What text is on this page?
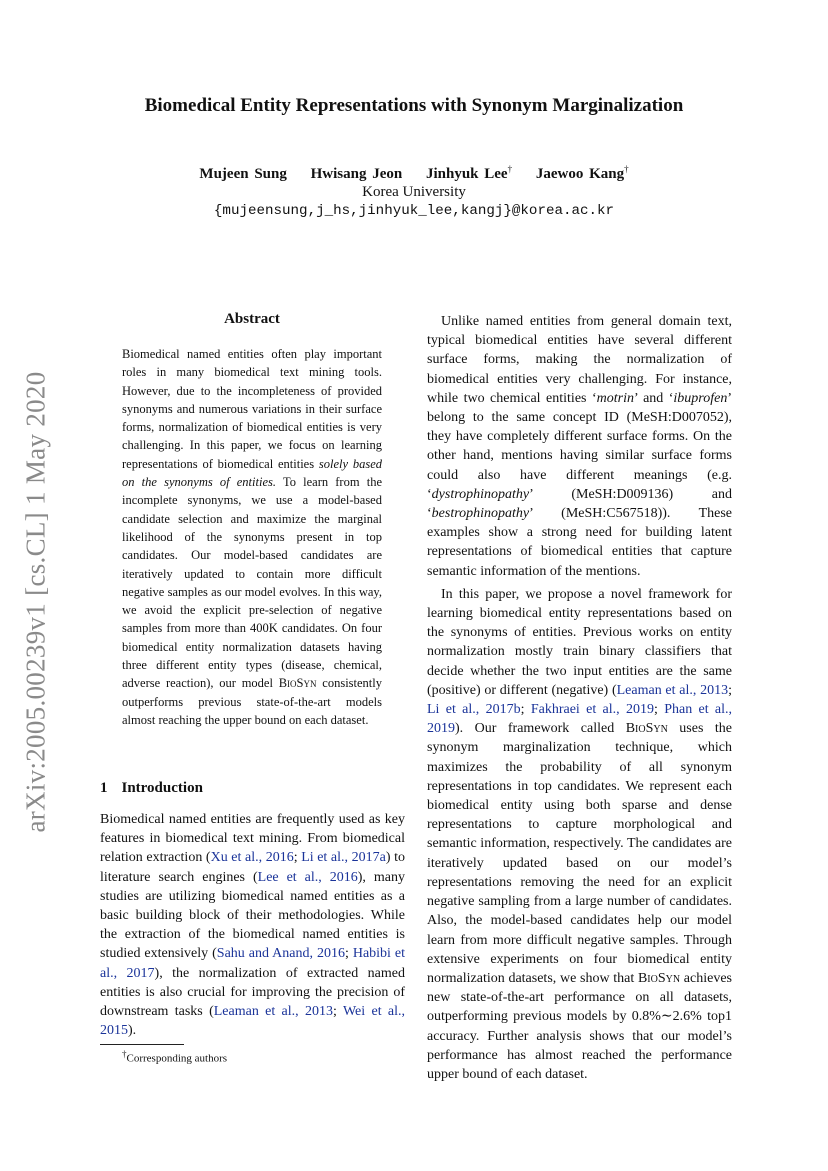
arXiv:2005.00239v1 [cs.CL] 1 May 2020
Biomedical Entity Representations with Synonym Marginalization
Mujeen Sung Hwisang Jeon Jinhyuk Lee† Jaewoo Kang†
Korea University
{mujeensung,j_hs,jinhyuk_lee,kangj}@korea.ac.kr
Abstract
Biomedical named entities often play important roles in many biomedical text mining tools. However, due to the incompleteness of provided synonyms and numerous variations in their surface forms, normalization of biomedical entities is very challenging. In this paper, we focus on learning representations of biomedical entities solely based on the synonyms of entities. To learn from the incomplete synonyms, we use a model-based candidate selection and maximize the marginal likelihood of the synonyms present in top candidates. Our model-based candidates are iteratively updated to contain more difficult negative samples as our model evolves. In this way, we avoid the explicit pre-selection of negative samples from more than 400K candidates. On four biomedical entity normalization datasets having three different entity types (disease, chemical, adverse reaction), our model BioSyn consistently outperforms previous state-of-the-art models almost reaching the upper bound on each dataset.
1 Introduction

Biomedical named entities are frequently used as key features in biomedical text mining. From biomedical relation extraction (Xu et al., 2016; Li et al., 2017a) to literature search engines (Lee et al., 2016), many studies are utilizing biomedical named entities as a basic building block of their methodologies. While the extraction of the biomedical named entities is studied extensively (Sahu and Anand, 2016; Habibi et al., 2017), the normalization of extracted named entities is also crucial for improving the precision of downstream tasks (Leaman et al., 2013; Wei et al., 2015).

Unlike named entities from general domain text, typical biomedical entities have several different surface forms, making the normalization of biomedical entities very challenging. For instance, while two chemical entities ‘motrin’ and ‘ibuprofen’ belong to the same concept ID (MeSH:D007052), they have completely different surface forms. On the other hand, mentions having similar surface forms could also have different meanings (e.g. ‘dystrophinopathy’ (MeSH:D009136) and ‘bestrophinopathy’ (MeSH:C567518)). These examples show a strong need for building latent representations of biomedical entities that capture semantic information of the mentions.

In this paper, we propose a novel framework for learning biomedical entity representations based on the synonyms of entities. Previous works on entity normalization mostly train binary classifiers that decide whether the two input entities are the same (positive) or different (negative) (Leaman et al., 2013; Li et al., 2017b; Fakhraei et al., 2019; Phan et al., 2019). Our framework called BioSyn uses the synonym marginalization technique, which maximizes the probability of all synonym representations in top candidates. We represent each biomedical entity using both sparse and dense representations to capture morphological and semantic information, respectively. The candidates are iteratively updated based on our model’s representations removing the need for an explicit negative sampling from a large number of candidates. Also, the model-based candidates help our model learn from more difficult negative samples. Through extensive experiments on four biomedical entity normalization datasets, we show that BioSyn achieves new state-of-the-art performance on all datasets, outperforming previous models by 0.8%∼2.6% top1 accuracy. Further analysis shows that our model’s performance has almost reached the performance upper bound of each dataset.

†Corresponding authors
